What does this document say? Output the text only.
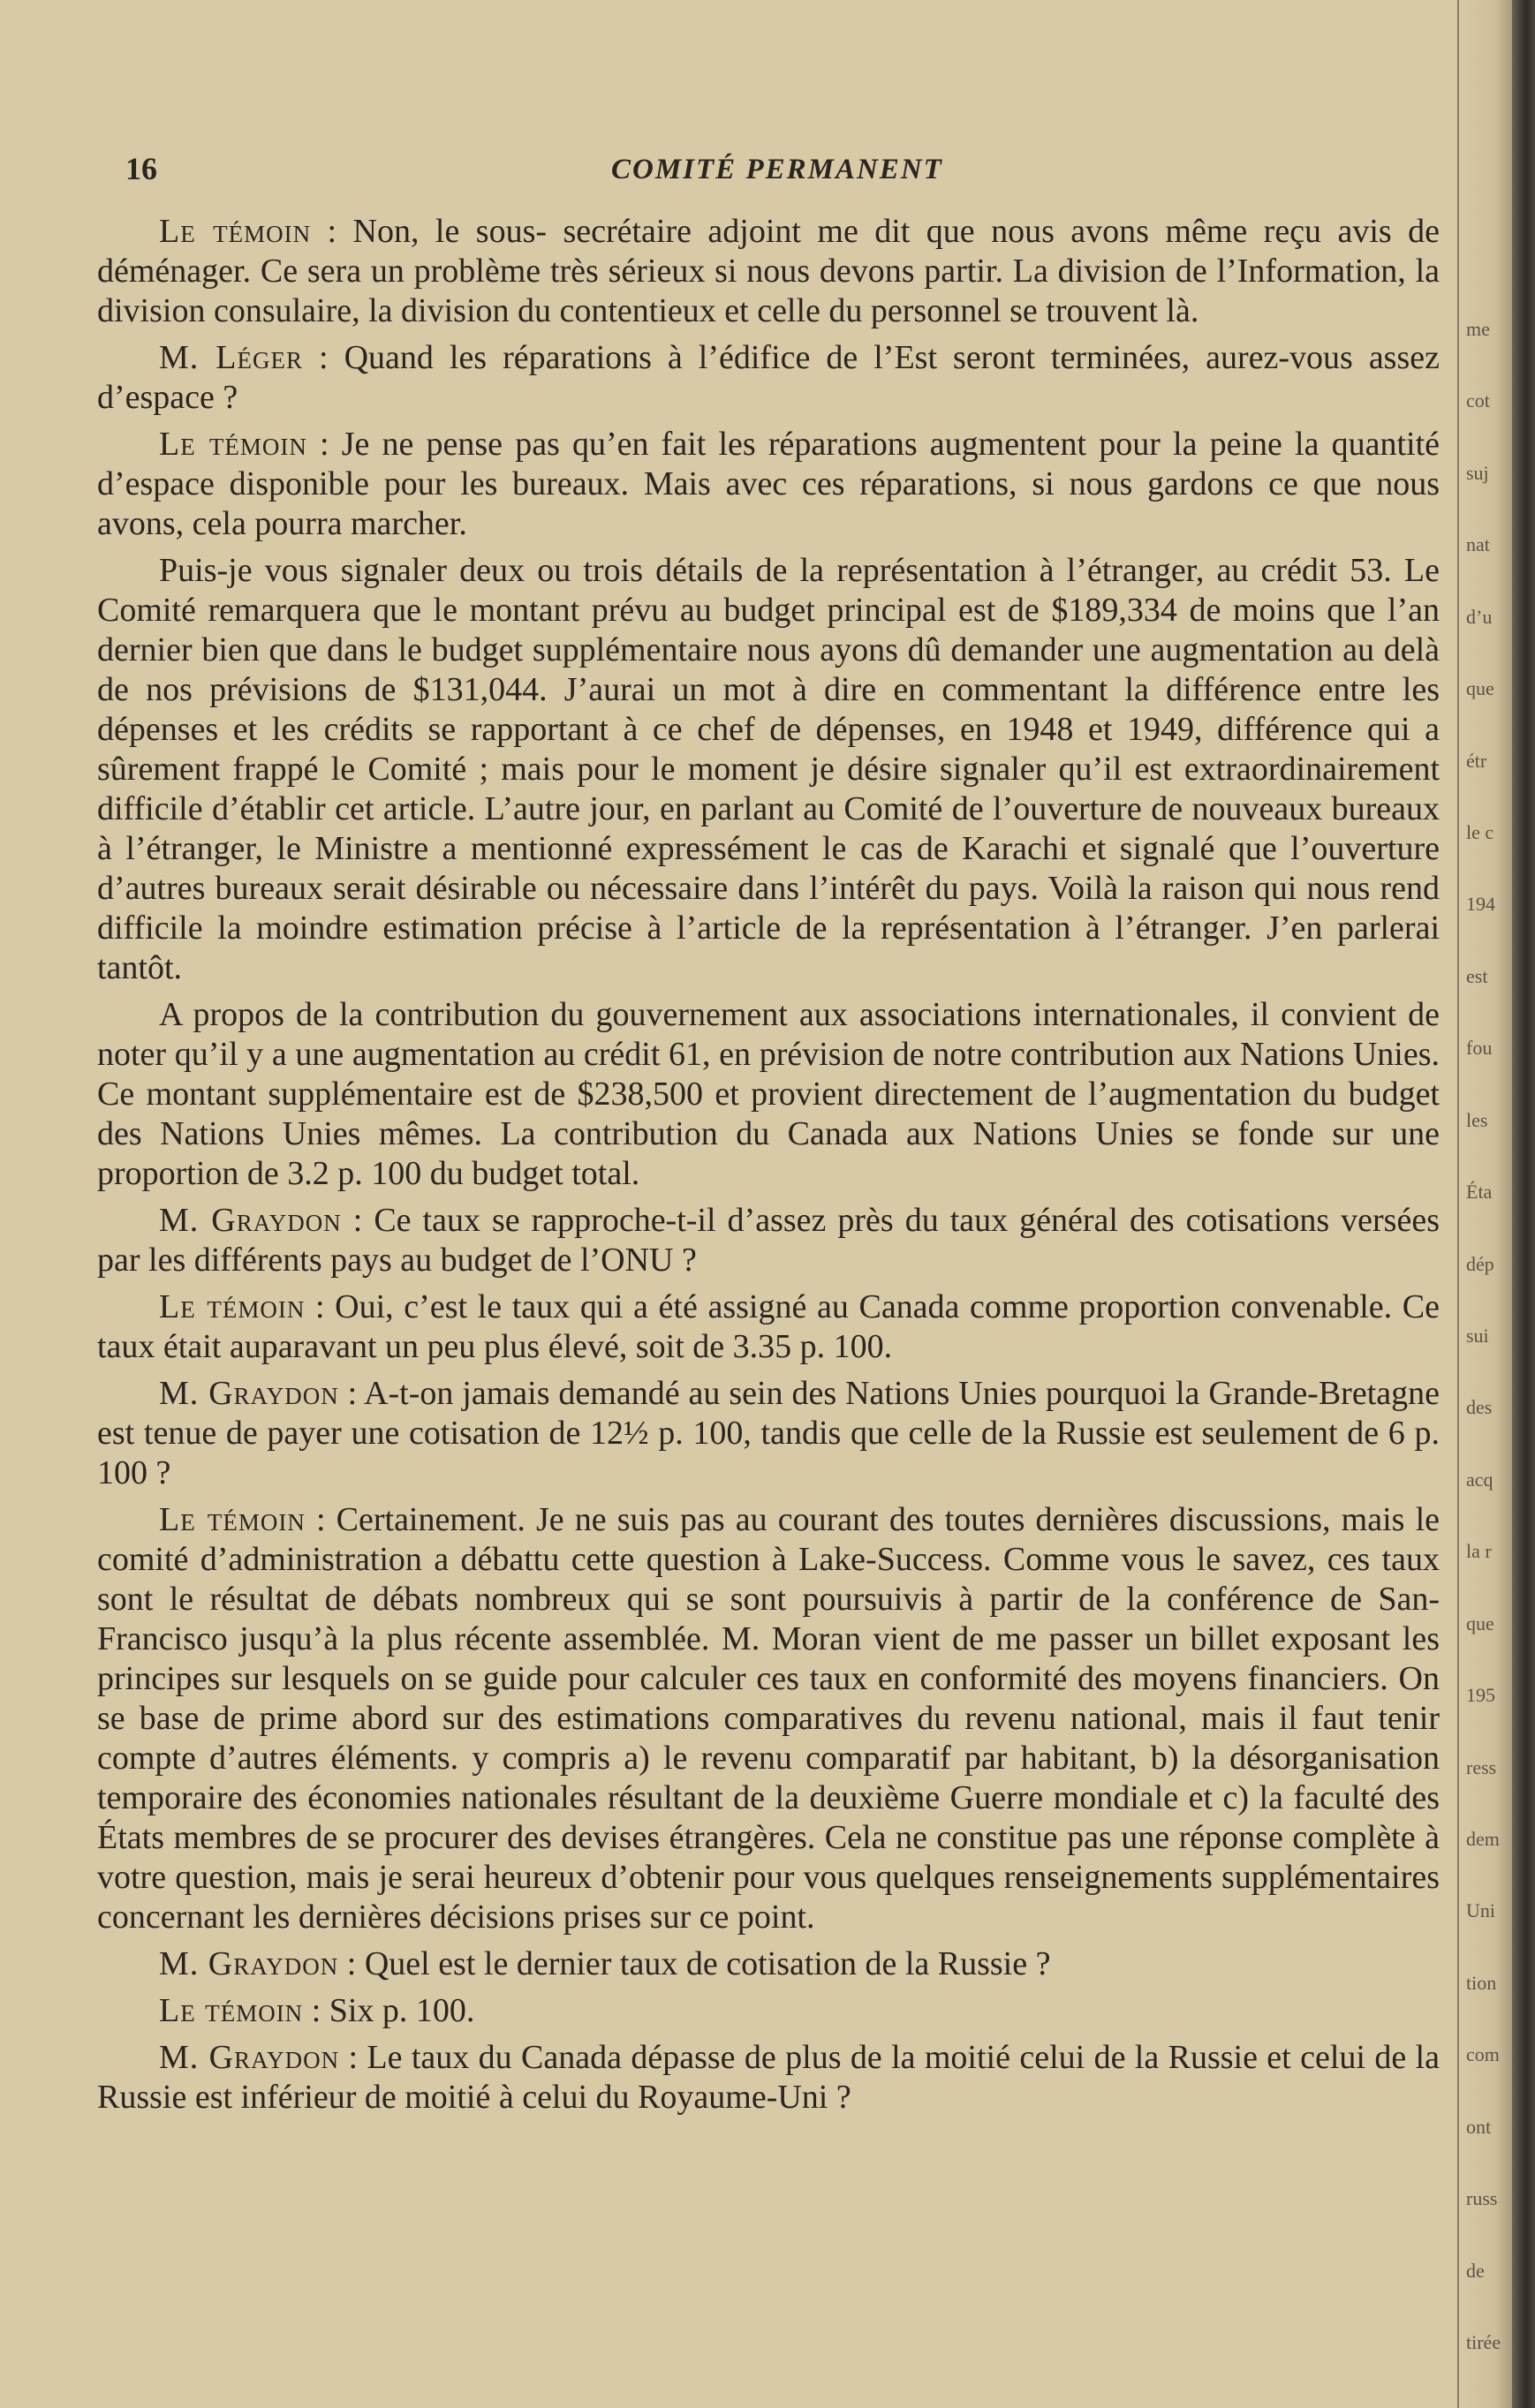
me
cot
suj
nat
d’u
que
étr
le c
194
est
fou
les
Éta
dép
sui
des
acq
la r
que
195
ress
dem
Uni
tion
com
ont
russ
de
tirée
16	COMITÉ PERMANENT

Le témoin : Non, le sous- secrétaire adjoint me dit que nous avons même reçu avis de déménager. Ce sera un problème très sérieux si nous devons partir. La division de l’Information, la division consulaire, la division du contentieux et celle du personnel se trouvent là.

M. Léger : Quand les réparations à l’édifice de l’Est seront terminées, aurez-vous assez d’espace ?

Le témoin : Je ne pense pas qu’en fait les réparations augmentent pour la peine la quantité d’espace disponible pour les bureaux. Mais avec ces réparations, si nous gardons ce que nous avons, cela pourra marcher.

Puis-je vous signaler deux ou trois détails de la représentation à l’étranger, au crédit 53. Le Comité remarquera que le montant prévu au budget principal est de $189,334 de moins que l’an dernier bien que dans le budget supplémentaire nous ayons dû demander une augmentation au delà de nos prévisions de $131,044. J’aurai un mot à dire en commentant la différence entre les dépenses et les crédits se rapportant à ce chef de dépenses, en 1948 et 1949, différence qui a sûrement frappé le Comité ; mais pour le moment je désire signaler qu’il est extraordinairement difficile d’établir cet article. L’autre jour, en parlant au Comité de l’ouverture de nouveaux bureaux à l’étranger, le Ministre a mentionné expressément le cas de Karachi et signalé que l’ouverture d’autres bureaux serait désirable ou nécessaire dans l’intérêt du pays. Voilà la raison qui nous rend difficile la moindre estimation précise à l’article de la représentation à l’étranger. J’en parlerai tantôt.

A propos de la contribution du gouvernement aux associations internationales, il convient de noter qu’il y a une augmentation au crédit 61, en prévision de notre contribution aux Nations Unies. Ce montant supplémentaire est de $238,500 et provient directement de l’augmentation du budget des Nations Unies mêmes. La contribution du Canada aux Nations Unies se fonde sur une proportion de 3.2 p. 100 du budget total.

M. Graydon : Ce taux se rapproche-t-il d’assez près du taux général des cotisations versées par les différents pays au budget de l’ONU ?

Le témoin : Oui, c’est le taux qui a été assigné au Canada comme proportion convenable. Ce taux était auparavant un peu plus élevé, soit de 3.35 p. 100.

M. Graydon : A-t-on jamais demandé au sein des Nations Unies pourquoi la Grande-Bretagne est tenue de payer une cotisation de 12½ p. 100, tandis que celle de la Russie est seulement de 6 p. 100 ?

Le témoin : Certainement. Je ne suis pas au courant des toutes dernières discussions, mais le comité d’administration a débattu cette question à Lake-Success. Comme vous le savez, ces taux sont le résultat de débats nombreux qui se sont poursuivis à partir de la conférence de San-Francisco jusqu’à la plus récente assemblée. M. Moran vient de me passer un billet exposant les principes sur lesquels on se guide pour calculer ces taux en conformité des moyens financiers. On se base de prime abord sur des estimations comparatives du revenu national, mais il faut tenir compte d’autres éléments. y compris a) le revenu comparatif par habitant, b) la désorganisation temporaire des économies nationales résultant de la deuxième Guerre mondiale et c) la faculté des États membres de se procurer des devises étrangères. Cela ne constitue pas une réponse complète à votre question, mais je serai heureux d’obtenir pour vous quelques renseignements supplémentaires concernant les dernières décisions prises sur ce point.

M. Graydon : Quel est le dernier taux de cotisation de la Russie ?

Le témoin : Six p. 100.

M. Graydon : Le taux du Canada dépasse de plus de la moitié celui de la Russie et celui de la Russie est inférieur de moitié à celui du Royaume-Uni ?
